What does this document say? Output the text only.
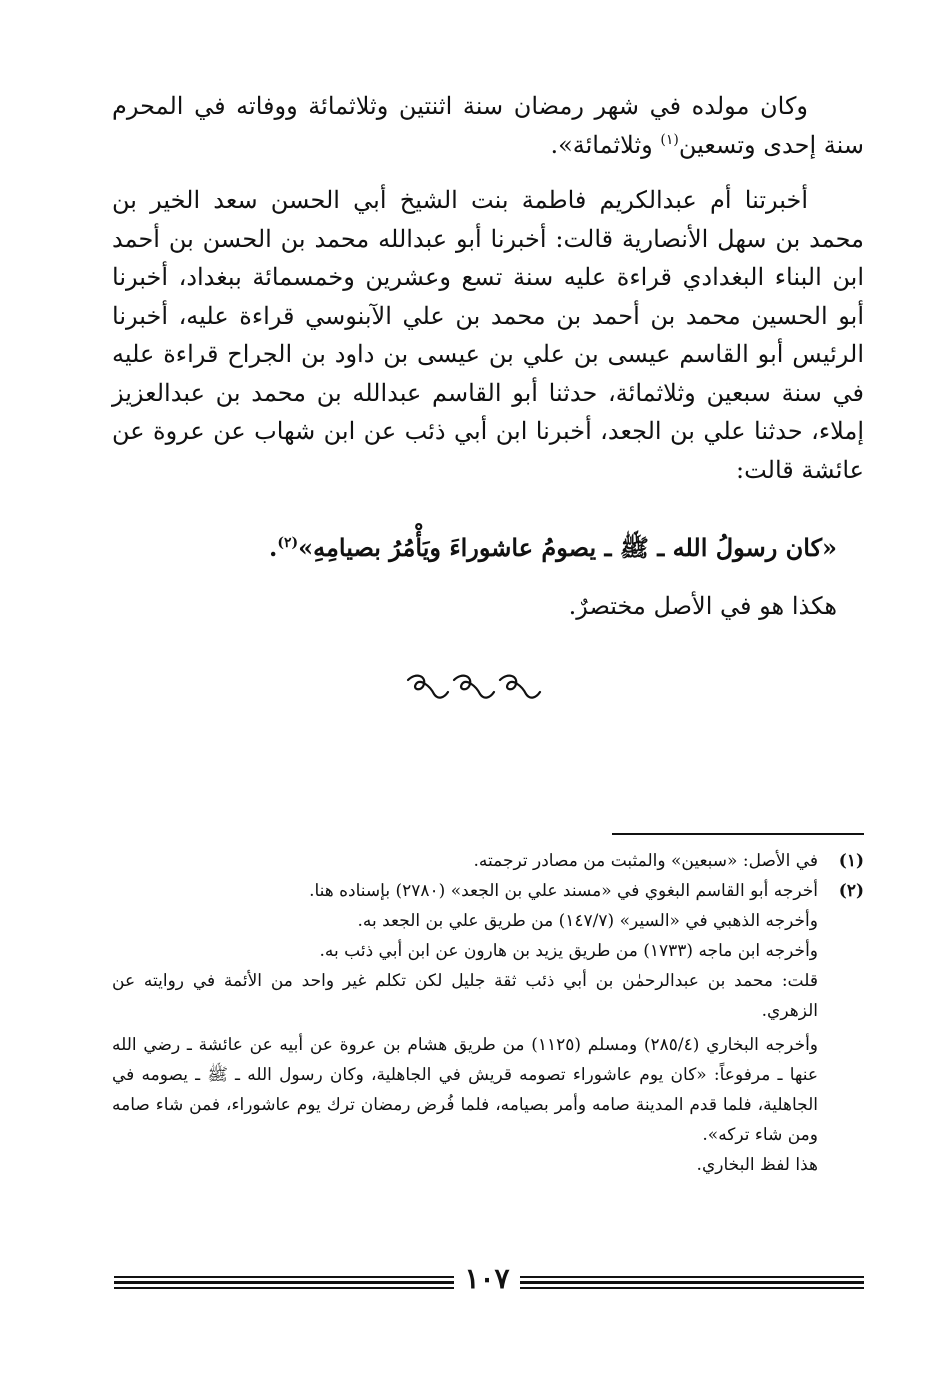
وكان مولده في شهر رمضان سنة اثنتين وثلاثمائة ووفاته في المحرم سنة إحدى وتسعين$^{(١)}$ وثلاثمائة».
أخبرتنا أم عبدالكريم فاطمة بنت الشيخ أبي الحسن سعد الخير بن محمد بن سهل الأنصارية قالت: أخبرنا أبو عبدالله محمد بن الحسن بن أحمد ابن البناء البغدادي قراءة عليه سنة تسع وعشرين وخمسمائة ببغداد، أخبرنا أبو الحسين محمد بن أحمد بن محمد بن علي الآبنوسي قراءة عليه، أخبرنا الرئيس أبو القاسم عيسى بن علي بن عيسى بن داود بن الجراح قراءة عليه في سنة سبعين وثلاثمائة، حدثنا أبو القاسم عبدالله بن محمد بن عبدالعزيز إملاء، حدثنا علي بن الجعد، أخبرنا ابن أبي ذئب عن ابن شهاب عن عروة عن عائشة قالت:
«كان رسولُ الله ـ ﷺ ـ يصومُ عاشوراءَ ويَأْمُرُ بصيامِهِ»$^{(٢)}$.
هكذا هو في الأصل مختصرٌ.
(١)

في الأصل: «سبعين» والمثبت من مصادر ترجمته.

(٢)

أخرجه أبو القاسم البغوي في «مسند علي بن الجعد» (٢٧٨٠) بإسناده هنا.

وأخرجه الذهبي في «السير» (١٤٧/٧) من طريق علي بن الجعد به.

وأخرجه ابن ماجه (١٧٣٣) من طريق يزيد بن هارون عن ابن أبي ذئب به.

قلت: محمد بن عبدالرحمٰن بن أبي ذئب ثقة جليل لكن تكلم غير واحد من الأئمة في روايته عن الزهري.

وأخرجه البخاري (٢٨٥/٤) ومسلم (١١٢٥) من طريق هشام بن عروة عن أبيه عن عائشة ـ رضي الله عنها ـ مرفوعاً: «كان يوم عاشوراء تصومه قريش في الجاهلية، وكان رسول الله ـ ﷺ ـ يصومه في الجاهلية، فلما قدم المدينة صامه وأمر بصيامه، فلما فُرض رمضان ترك يوم عاشوراء، فمن شاء صامه ومن شاء تركه».

هذا لفظ البخاري.

١٠٧
